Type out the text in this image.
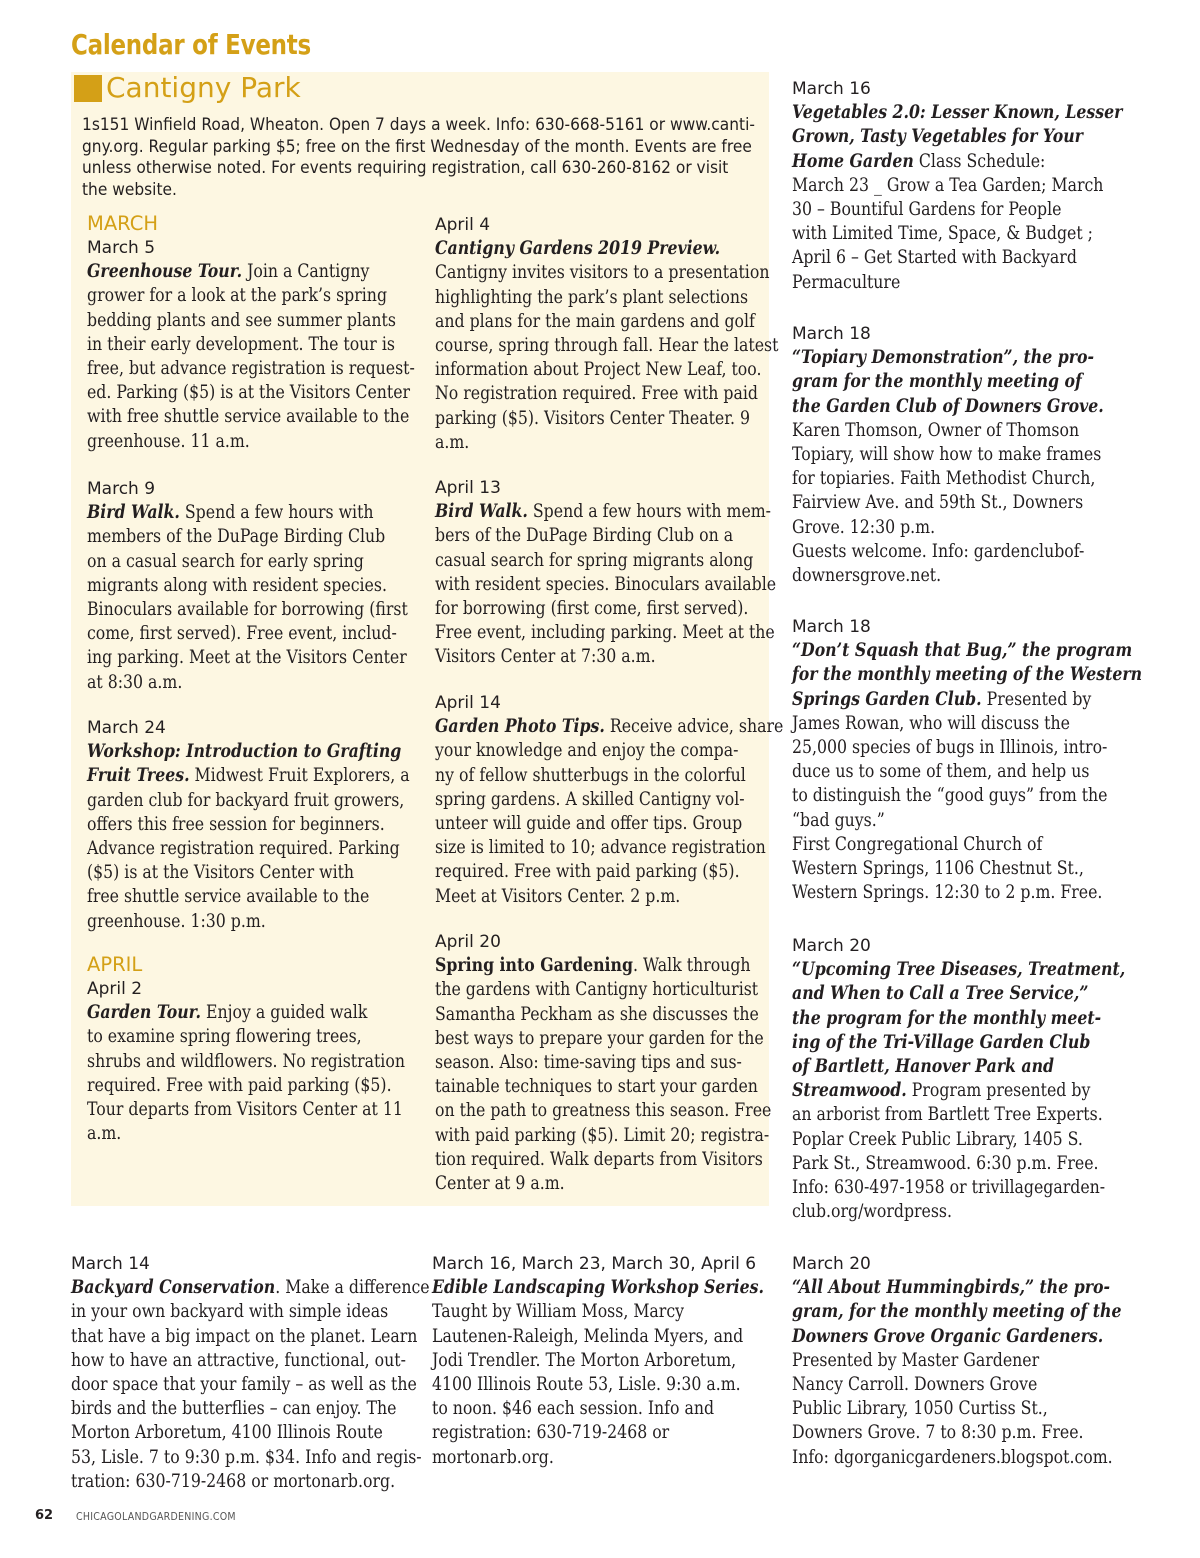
Calendar of Events
Cantigny Park

1s151 Winfield Road, Wheaton. Open 7 days a week. Info: 630-668-5161 or www.canti-
gny.org. Regular parking $5; free on the first Wednesday of the month. Events are free
unless otherwise noted. For events requiring registration, call 630-260-8162 or visit
the website.

MARCH
March 5
Greenhouse Tour. Join a Cantigny
grower for a look at the park’s spring
bedding plants and see summer plants
in their early development. The tour is
free, but advance registration is request-
ed. Parking ($5) is at the Visitors Center
with free shuttle service available to the
greenhouse. 11 a.m.
March 9
Bird Walk. Spend a few hours with
members of the DuPage Birding Club
on a casual search for early spring
migrants along with resident species.
Binoculars available for borrowing (first
come, first served). Free event, includ-
ing parking. Meet at the Visitors Center
at 8:30 a.m.
March 24
Workshop: Introduction to Grafting
Fruit Trees. Midwest Fruit Explorers, a
garden club for backyard fruit growers,
offers this free session for beginners.
Advance registration required. Parking
($5) is at the Visitors Center with
free shuttle service available to the
greenhouse. 1:30 p.m.
APRIL
April 2
Garden Tour. Enjoy a guided walk
to examine spring flowering trees,
shrubs and wildflowers. No registration
required. Free with paid parking ($5).
Tour departs from Visitors Center at 11
a.m.
April 4
Cantigny Gardens 2019 Preview.
Cantigny invites visitors to a presentation
highlighting the park’s plant selections
and plans for the main gardens and golf
course, spring through fall. Hear the latest
information about Project New Leaf, too.
No registration required. Free with paid
parking ($5). Visitors Center Theater. 9
a.m.
April 13
Bird Walk. Spend a few hours with mem-
bers of the DuPage Birding Club on a
casual search for spring migrants along
with resident species. Binoculars available
for borrowing (first come, first served).
Free event, including parking. Meet at the
Visitors Center at 7:30 a.m.
April 14
Garden Photo Tips. Receive advice, share
your knowledge and enjoy the compa-
ny of fellow shutterbugs in the colorful
spring gardens. A skilled Cantigny vol-
unteer will guide and offer tips. Group
size is limited to 10; advance registration
required. Free with paid parking ($5).
Meet at Visitors Center. 2 p.m.
April 20
Spring into Gardening. Walk through
the gardens with Cantigny horticulturist
Samantha Peckham as she discusses the
best ways to prepare your garden for the
season. Also: time-saving tips and sus-
tainable techniques to start your garden
on the path to greatness this season. Free
with paid parking ($5). Limit 20; registra-
tion required. Walk departs from Visitors
Center at 9 a.m.
March 14
Backyard Conservation. Make a difference
in your own backyard with simple ideas
that have a big impact on the planet. Learn
how to have an attractive, functional, out-
door space that your family – as well as the
birds and the butterflies – can enjoy. The
Morton Arboretum, 4100 Illinois Route
53, Lisle. 7 to 9:30 p.m. $34. Info and regis-
tration: 630-719-2468 or mortonarb.org.
March 16, March 23, March 30, April 6
Edible Landscaping Workshop Series.
Taught by William Moss, Marcy
Lautenen-Raleigh, Melinda Myers, and
Jodi Trendler. The Morton Arboretum,
4100 Illinois Route 53, Lisle. 9:30 a.m.
to noon. $46 each session. Info and
registration: 630-719-2468 or
mortonarb.org.
March 16
Vegetables 2.0: Lesser Known, Lesser
Grown, Tasty Vegetables for Your
Home Garden Class Schedule:
March 23 _ Grow a Tea Garden; March
30 – Bountiful Gardens for People
with Limited Time, Space, & Budget ;
April 6 – Get Started with Backyard
Permaculture
March 18
“Topiary Demonstration”, the pro-
gram for the monthly meeting of
the Garden Club of Downers Grove.
Karen Thomson, Owner of Thomson
Topiary, will show how to make frames
for topiaries. Faith Methodist Church,
Fairview Ave. and 59th St., Downers
Grove. 12:30 p.m.
Guests welcome. Info: gardenclubof-
downersgrove.net.
March 18
“Don’t Squash that Bug,” the program
for the monthly meeting of the Western
Springs Garden Club. Presented by
James Rowan, who will discuss the
25,000 species of bugs in Illinois, intro-
duce us to some of them, and help us
to distinguish the “good guys” from the
“bad guys.”
First Congregational Church of
Western Springs, 1106 Chestnut St.,
Western Springs. 12:30 to 2 p.m. Free.
March 20
“Upcoming Tree Diseases, Treatment,
and When to Call a Tree Service,”
the program for the monthly meet-
ing of the Tri-Village Garden Club
of Bartlett, Hanover Park and
Streamwood. Program presented by
an arborist from Bartlett Tree Experts.
Poplar Creek Public Library, 1405 S.
Park St., Streamwood. 6:30 p.m. Free.
Info: 630-497-1958 or trivillagegarden-
club.org/wordpress.
March 20
“All About Hummingbirds,” the pro-
gram, for the monthly meeting of the
Downers Grove Organic Gardeners.
Presented by Master Gardener
Nancy Carroll. Downers Grove
Public Library, 1050 Curtiss St.,
Downers Grove. 7 to 8:30 p.m. Free.
Info: dgorganicgardeners.blogspot.com.
62 CHICAGOLANDGARDENING.COM
